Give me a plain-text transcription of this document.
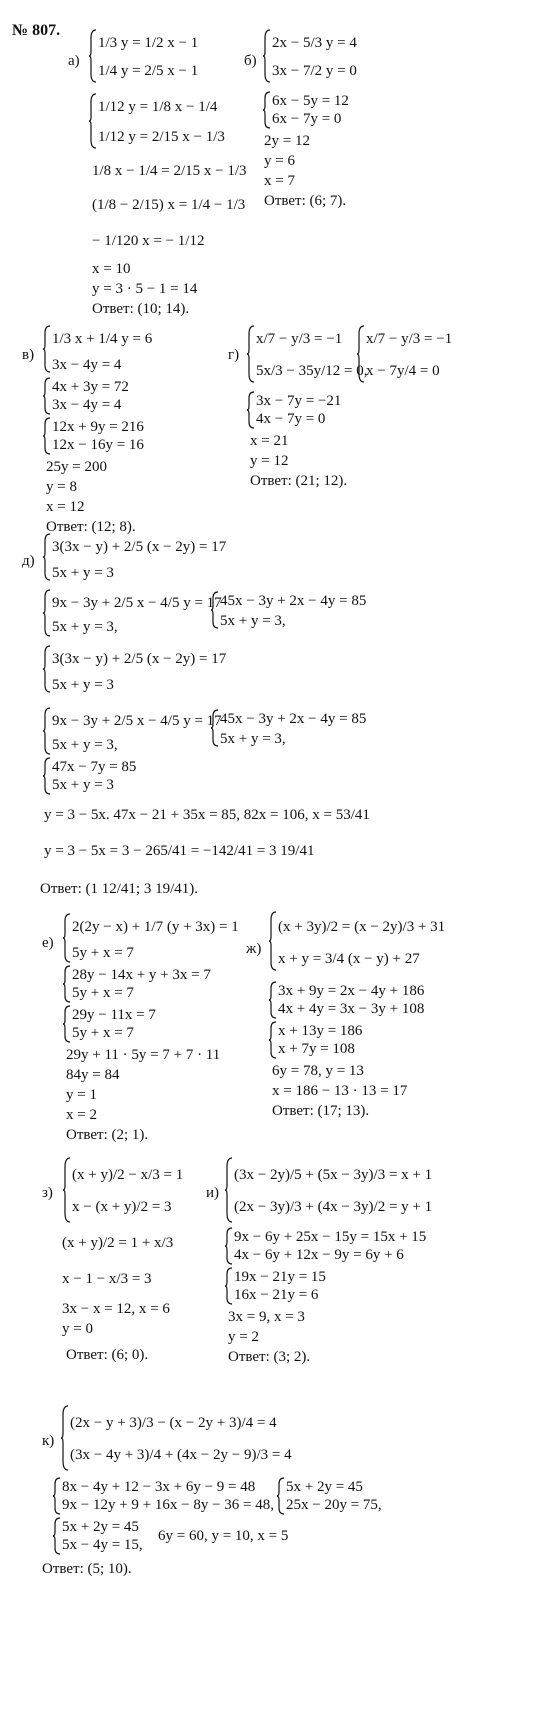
№ 807.
а)
1/3 y = 1/2 x − 1
1/4 y = 2/5 x − 1
1/12 y = 1/8 x − 1/4
1/12 y = 2/15 x − 1/3
1/8 x − 1/4 = 2/15 x − 1/3
(1/8 − 2/15) x = 1/4 − 1/3
− 1/120 x = − 1/12
x = 10
y = 3 · 5 − 1 = 14
Ответ: (10; 14).
б)
2x − 5/3 y = 4
3x − 7/2 y = 0
6x − 5y = 12
6x − 7y = 0
2y = 12
y = 6
x = 7
Ответ: (6; 7).
в)
1/3 x + 1/4 y = 6
3x − 4y = 4
4x + 3y = 72
3x − 4y = 4
12x + 9y = 216
12x − 16y = 16
25y = 200
y = 8
x = 12
Ответ: (12; 8).
г)
x/7 − y/3 = −1
5x/3 − 35y/12 = 0,
x/7 − y/3 = −1
x − 7y/4 = 0
3x − 7y = −21
4x − 7y = 0
x = 21
y = 12
Ответ: (21; 12).
д)
3(3x − y) + 2/5 (x − 2y) = 17
5x + y = 3
9x − 3y + 2/5 x − 4/5 y = 17
5x + y = 3,
45x − 3y + 2x − 4y = 85
5x + y = 3,
3(3x − y) + 2/5 (x − 2y) = 17
5x + y = 3
9x − 3y + 2/5 x − 4/5 y = 17
5x + y = 3,
45x − 3y + 2x − 4y = 85
5x + y = 3,
47x − 7y = 85
5x + y = 3
y = 3 − 5x. 47x − 21 + 35x = 85, 82x = 106, x = 53/41
y = 3 − 5x = 3 − 265/41 = −142/41 = 3 19/41
Ответ: (1 12/41; 3 19/41).
е)
2(2y − x) + 1/7 (y + 3x) = 1
5y + x = 7
28y − 14x + y + 3x = 7
5y + x = 7
29y − 11x = 7
5y + x = 7
29y + 11 · 5y = 7 + 7 · 11
84y = 84
y = 1
x = 2
Ответ: (2; 1).
ж)
(x + 3y)/2 = (x − 2y)/3 + 31
x + y = 3/4 (x − y) + 27
3x + 9y = 2x − 4y + 186
4x + 4y = 3x − 3y + 108
x + 13y = 186
x + 7y = 108
6y = 78, y = 13
x = 186 − 13 · 13 = 17
Ответ: (17; 13).
з)
(x + y)/2 − x/3 = 1
x − (x + y)/2 = 3
(x + y)/2 = 1 + x/3
x − 1 − x/3 = 3
3x − x = 12, x = 6
y = 0
Ответ: (6; 0).
и)
(3x − 2y)/5 + (5x − 3y)/3 = x + 1
(2x − 3y)/3 + (4x − 3y)/2 = y + 1
9x − 6y + 25x − 15y = 15x + 15
4x − 6y + 12x − 9y = 6y + 6
19x − 21y = 15
16x − 21y = 6
3x = 9, x = 3
y = 2
Ответ: (3; 2).
к)
(2x − y + 3)/3 − (x − 2y + 3)/4 = 4
(3x − 4y + 3)/4 + (4x − 2y − 9)/3 = 4
8x − 4y + 12 − 3x + 6y − 9 = 48
9x − 12y + 9 + 16x − 8y − 36 = 48,
5x + 2y = 45
25x − 20y = 75,
5x + 2y = 45
5x − 4y = 15,
6y = 60, y = 10, x = 5
Ответ: (5; 10).
